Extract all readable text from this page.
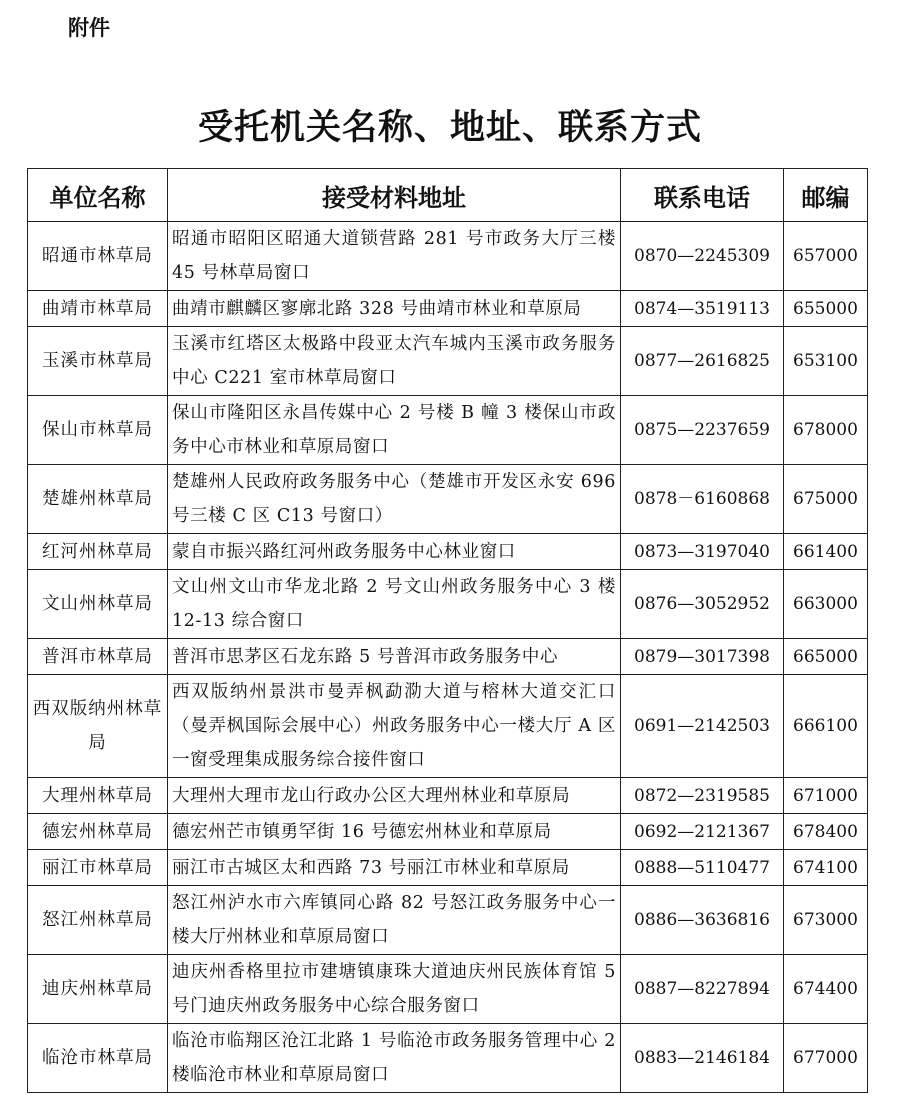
附件
受托机关名称、地址、联系方式
单位名称	接受材料地址	联系电话	邮编
昭通市林草局	昭通市昭阳区昭通大道锁营路 281 号市政务大厅三楼 45 号林草局窗口	0870—2245309	657000
曲靖市林草局	曲靖市麒麟区寥廓北路 328 号曲靖市林业和草原局	0874—3519113	655000
玉溪市林草局	玉溪市红塔区太极路中段亚太汽车城内玉溪市政务服务中心 C221 室市林草局窗口	0877—2616825	653100
保山市林草局	保山市隆阳区永昌传媒中心 2 号楼 B 幢 3 楼保山市政务中心市林业和草原局窗口	0875—2237659	678000
楚雄州林草局	楚雄州人民政府政务服务中心（楚雄市开发区永安 696 号三楼 C 区 C13 号窗口）	0878－6160868	675000
红河州林草局	蒙自市振兴路红河州政务服务中心林业窗口	0873—3197040	661400
文山州林草局	文山州文山市华龙北路 2 号文山州政务服务中心 3 楼 12-13 综合窗口	0876—3052952	663000
普洱市林草局	普洱市思茅区石龙东路 5 号普洱市政务服务中心	0879—3017398	665000
西双版纳州林草局	西双版纳州景洪市曼弄枫勐泐大道与榕林大道交汇口（曼弄枫国际会展中心）州政务服务中心一楼大厅 A 区一窗受理集成服务综合接件窗口	0691—2142503	666100
大理州林草局	大理州大理市龙山行政办公区大理州林业和草原局	0872—2319585	671000
德宏州林草局	德宏州芒市镇勇罕街 16 号德宏州林业和草原局	0692—2121367	678400
丽江市林草局	丽江市古城区太和西路 73 号丽江市林业和草原局	0888—5110477	674100
怒江州林草局	怒江州泸水市六库镇同心路 82 号怒江政务服务中心一楼大厅州林业和草原局窗口	0886—3636816	673000
迪庆州林草局	迪庆州香格里拉市建塘镇康珠大道迪庆州民族体育馆 5 号门迪庆州政务服务中心综合服务窗口	0887—8227894	674400
临沧市林草局	临沧市临翔区沧江北路 1 号临沧市政务服务管理中心 2 楼临沧市林业和草原局窗口	0883—2146184	677000
